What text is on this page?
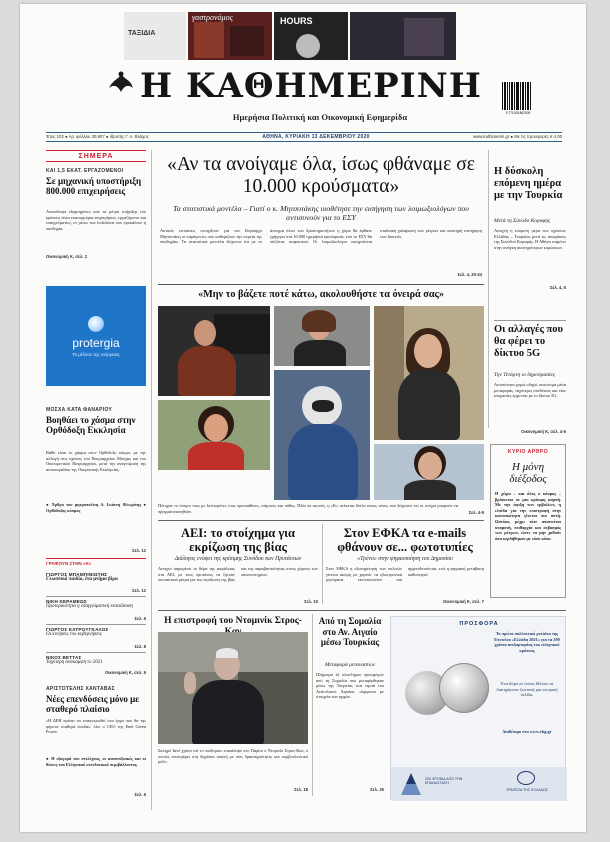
ΤΑΞΙΔΙΑ
γαστρονόμος	HOURS
Η ΚΑΘΗΜΕΡΙΝΗ
Ημερήσια Πολιτική και Οικονομική Εφημερίδα	9 771108 862009
Έτος 102 ● Αρ. φύλλου 30.907 ● Ιδρυτής Γ. Α. Βλάχος	ΑΘΗΝΑ, ΚΥΡΙΑΚΗ 13 ΔΕΚΕΜΒΡΙΟΥ 2020	www.kathimerini.gr ● Με τις προσφορές € 4,00
ΣΗΜΕΡΑ
ΚΑΙ 1,5 ΕΚΑΤ. ΕΡΓΑΖΟΜΕΝΟΙ
Σε μηχανική υποστήριξη 800.000 επιχειρήσεις
Αποκάλυψε εξαρτημένες από τα μέτρα στήριξης του κράτους είναι εκατομμύρια επιχειρήσεις, εργαζόμενοι και επαγγελματίες, εν μέσω των lockdown που προκάλεσε η πανδημία.
Οικονομική Κ, σελ. 2
protergia
Το μέλλον της ενέργειας
ΜΟΣΧΑ ΚΑΤΑ ΦΑΝΑΡΙΟΥ
Βοηθάει το χάσμα στην Ορθόδοξη Εκκλησία
Βαθύ είναι το χάσμα στον Ορθόδοξο κόσμο, με την αλλαγή στις σχέσεις του Πατριαρχείου Μόσχας και του Οικουμενικού Πατριαρχείου, μετά την αναγνώριση της αυτοκεφαλίας της Ουκρανικής Εκκλησίας.
● Άρθρο του μητροπολίτη Α. Ιωάννη Φλωρίνης ● Ορθόδοξος κόσμος
Σελ. 12
ΓΡΑΦΟΥΝ ΣΤΗΝ «Κ»
ΓΙΩΡΓΟΣ ΜΠΑΜΠΙΝΙΩΤΗΣ
Γλωσσικό παιδίο, ένα μνήμα βίρα
Σελ. 12
ΝΙΚΗ ΚΕΡΑΜΕΩΣ
Προτεραιότητα η επαγγελματική εκπαίδευση
Σελ. 6
ΓΙΩΡΓΟΣ ΚΑΤΡΟΥΓΚΑΛΟΣ
Οι κινήσεις του κυβερνήσεις
Σελ. 8
ΝΙΚΟΣ ΒΕΤΤΑΣ
Ταχύτερη ανάκαμψη το 2021
Οικονομική Κ, σελ. 9
ΑΡΙΣΤΟΤΕΛΗΣ ΧΑΝΤΑΒΑΣ
Νέες επενδύσεις μόνο με σταθερό πλαίσιο
«Η ΔΕΗ πρέπει να επικεντρωθεί στα έργα που θα της φέρουν σταθερά έσοδα», λέει ο CEO της Enel Green Power.
● Η εξαγορά του στελέχους, οι αναπτυξιακές και οι θέσεις του Ελληνικού επενδυτικού περιβάλλοντος.
Σελ. 6
«Αν τα ανοίγαμε όλα, ίσως φθάναμε σε 10.000 κρούσματα»
Τα στατιστικά μοντέλα – Γιατί ο κ. Μητσοτάκης υιοθέτησε την εισήγηση των λοιμωξιολόγων που αντισυνούν για το ΕΣΥ
Αστικές εστιάσεις στοιχίζουν για τον Κυρίαρχο Μητσοτάκη οι παράγοντες που καθορίζουν την πορεία της πανδημίας. Τα στατιστικά μοντέλα δείχνουν ότι με το άνοιγμα όλων των δραστηριοτήτων η χώρα θα έφθανε γρήγορα στα 10.000 ημερήσια κρούσματα, ενώ το ΕΣΥ θα πίεζόταν ασφυκτικά. Οι λοιμωξιολόγοι εισηγούνται σταδιακή χαλάρωση των μέτρων και αυστηρή επιτήρηση των δεικτών.
Σελ. 4, 20-24
«Μην το βάζετε ποτέ κάτω, ακολουθήστε τα όνειρά σας»
Πέτυχαν το όνειρο τους με ξενιτεμένες τους προσπάθειες, επίμονες και πάθος. Πλάι σε αυτούς, η «Κ» στέκεται δίπλα στους νέους που δείχνουν ότι οι στόχοι μπορούν να πραγματοποιηθούν.	Σελ. 4-5
Η δύσκολη επόμενη ημέρα με την Τουρκία
Μετά τη Σύνοδο Κορυφής
Ανοιχτή η επόμενη μέρα των σχέσεων Ελλάδας – Τουρκίας μετά τις αποφάσεις της Συνόδου Κορυφής. Η Αθήνα επιμένει στην ανάγκη αυστηρότερων κυρώσεων.
Σελ. 4, 6
Οι αλλαγές που θα φέρει το δίκτυο 5G
Την Τετάρτη οι δημοπρασίες
Αυτοκίνητα χωρίς οδηγό, αυτόνομα μέσα μεταφοράς, ταχύτερες συνδέσεις και νέες υπηρεσίες έρχονται με το δίκτυο 5G.
Οικονομική Κ, σελ. 4-6
ΚΥΡΙΟ ΑΡΘΡΟ
Η μόνη διέξοδος
Η χώρα – και όλος ο κόσμος – βρίσκεται σε μια κρίσιμη καμπή. Με την άφιξη των εμβολίων, η ελπίδα για την επιστροφή στην κανονικότητα γίνεται πιο απτή. Ωστόσο, μέχρι τότε απαιτείται υπομονή, πειθαρχία και σεβασμός των μέτρων, ώστε να μην χαθούν όσα κερδήθηκαν με τόσο κόπο.
ΑΕΙ: το στοίχημα για εκρίζωση της βίας
Διάλογος ενόψει της κρίσιμης Συνόδου των Πρυτάνεων
Ανοιχτό παραμένει το θέμα της ασφάλειας στα ΑΕΙ, με τους πρυτάνεις να ζητούν ουσιαστικά μέτρα για την εκρίζωση της βίας και της παραβατικότητας στους χώρους των πανεπιστημίων.
Σελ. 10
Στον ΕΦΚΑ τα e-mails φθάνουν σε... φωτοτυπίες
«Τρένο» στην ψηφιοποίηση του Δημοσίου
Στον ΕΦΚΑ η εξυπηρέτηση των πολιτών γίνεται ακόμη με χαρτιά: τα ηλεκτρονικά μηνύματα εκτυπώνονται και αρχειοθετούνται, ενώ η ψηφιακή μετάβαση καθυστερεί.
Οικονομική Κ, σελ. 7
Η επιστροφή του Ντομινίκ Στρος-
Σκληρό Ιανό χρόνο επί το ποιδόμισο επικάλυψε στο Παρίσι ο Ντομινίκ Στρος-Καν, ο οποίος επιστρέφει στη δημόσια σκηνή με νέες δραστηριότητες και συμβουλευτικό ρόλο.
Σελ. 18
Από τη Σομαλία στο Αν. Αιγαίο μέσω Τουρκίας
Μεταφορά μεταναστών
Πλήρωμα εξ ολοκλήρου προσφύγων από τη Σομαλία που μεταφέρθηκαν μέσω της Τουρκίας στα νησιά του Ανατολικού Αιγαίου, σύμφωνα με στοιχεία των αρχών.
Σελ. 25
ΠΡΟΣΦΟΡΑ
Το πρώτο συλλεκτικό ρετάλια της Επετείου «Ελλάδα 2021» για τα 200 χρόνια ανεξαρτησίας του ελληνικού κράτους
Ένα δώρο σε όσους θέλουν να διατηρήσουν ζωντανή μια ιστορική σελίδα.
Διαθέσιμο στο www.rbg.gr
200 ΧΡΟΝΙΑ ΑΠΟ ΤΗΝ ΕΠΑΝΑΣΤΑΣΗ
ΤΡΑΠΕΖΑ ΤΗΣ ΕΛΛΑΔΟΣ
